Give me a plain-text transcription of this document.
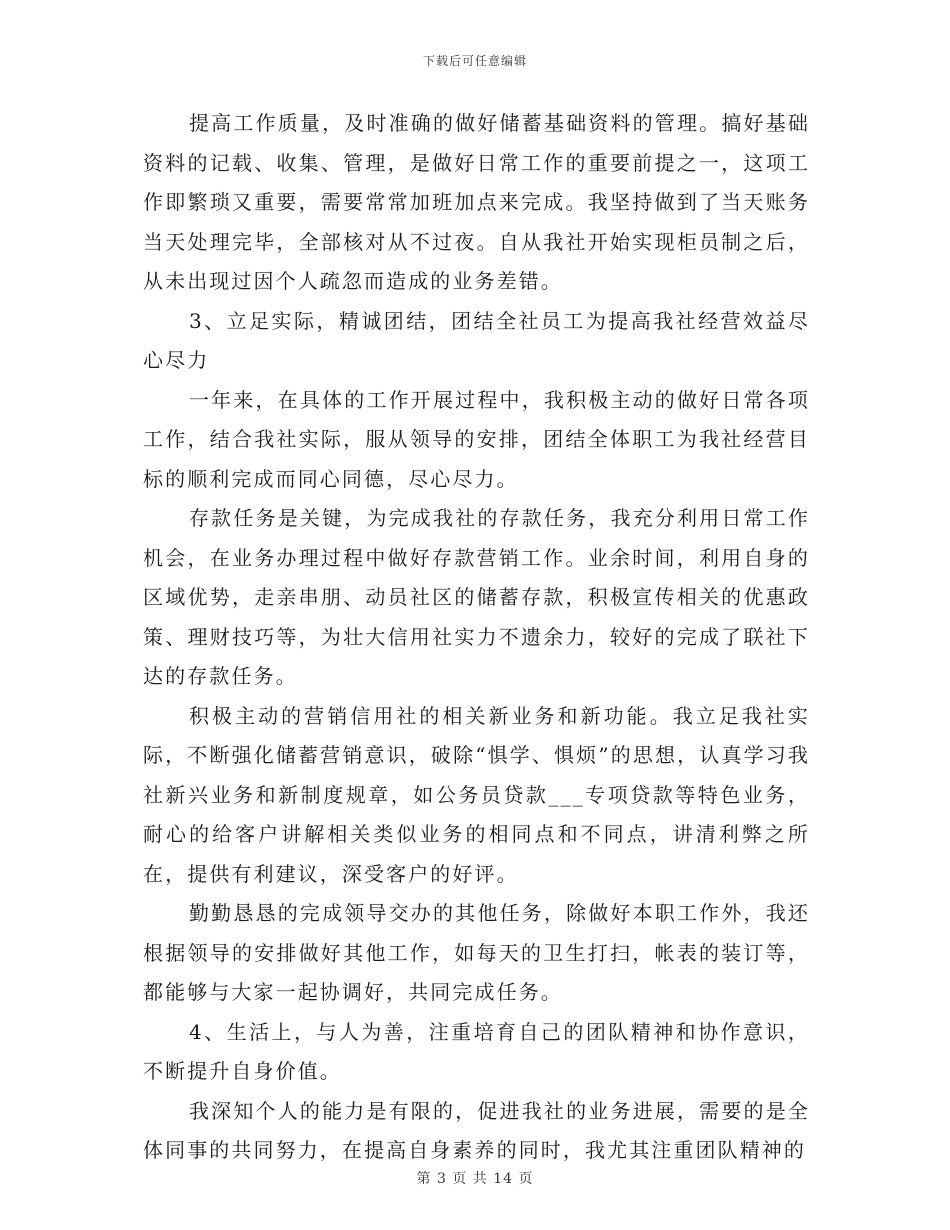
下载后可任意编辑

提高工作质量，及时准确的做好储蓄基础资料的管理。搞好基础资料的记载、收集、管理，是做好日常工作的重要前提之一，这项工作即繁琐又重要，需要常常加班加点来完成。我坚持做到了当天账务当天处理完毕，全部核对从不过夜。自从我社开始实现柜员制之后，从未出现过因个人疏忽而造成的业务差错。

3、立足实际，精诚团结，团结全社员工为提高我社经营效益尽心尽力

一年来，在具体的工作开展过程中，我积极主动的做好日常各项工作，结合我社实际，服从领导的安排，团结全体职工为我社经营目标的顺利完成而同心同德，尽心尽力。

存款任务是关键，为完成我社的存款任务，我充分利用日常工作机会，在业务办理过程中做好存款营销工作。业余时间，利用自身的区域优势，走亲串朋、动员社区的储蓄存款，积极宣传相关的优惠政策、理财技巧等，为壮大信用社实力不遗余力，较好的完成了联社下达的存款任务。

积极主动的营销信用社的相关新业务和新功能。我立足我社实际，不断强化储蓄营销意识，破除“惧学、惧烦”的思想，认真学习我社新兴业务和新制度规章，如公务员贷款___专项贷款等特色业务，耐心的给客户讲解相关类似业务的相同点和不同点，讲清利弊之所在，提供有利建议，深受客户的好评。

勤勤恳恳的完成领导交办的其他任务，除做好本职工作外，我还根据领导的安排做好其他工作，如每天的卫生打扫，帐表的装订等，都能够与大家一起协调好，共同完成任务。

4、生活上，与人为善，注重培育自己的团队精神和协作意识，不断提升自身价值。

我深知个人的能力是有限的，促进我社的业务进展，需要的是全体同事的共同努力，在提高自身素养的同时，我尤其注重团队精神的

第 3 页 共 14 页
